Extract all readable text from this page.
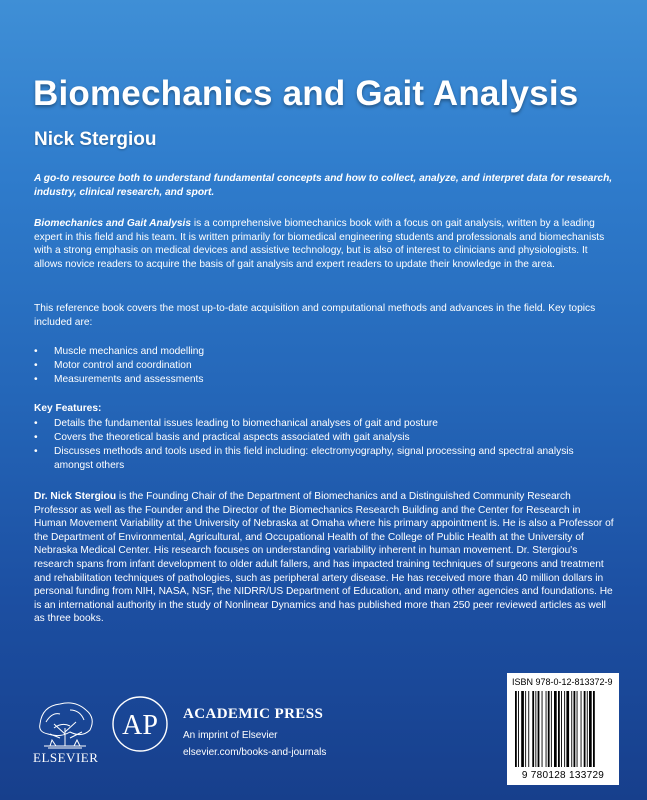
Biomechanics and Gait Analysis
Nick Stergiou

A go-to resource both to understand fundamental concepts and how to collect, analyze, and interpret data for research, industry, clinical research, and sport.

Biomechanics and Gait Analysis is a comprehensive biomechanics book with a focus on gait analysis, written by a leading expert in this field and his team. It is written primarily for biomedical engineering students and professionals and biomechanists with a strong emphasis on medical devices and assistive technology, but is also of interest to clinicians and physiologists. It allows novice readers to acquire the basis of gait analysis and expert readers to update their knowledge in the area.

This reference book covers the most up-to-date acquisition and computational methods and advances in the field. Key topics included are:

• Muscle mechanics and modelling
• Motor control and coordination
• Measurements and assessments
Key Features:
• Details the fundamental issues leading to biomechanical analyses of gait and posture
• Covers the theoretical basis and practical aspects associated with gait analysis
• Discusses methods and tools used in this field including: electromyography, signal processing and spectral analysis amongst others

Dr. Nick Stergiou is the Founding Chair of the Department of Biomechanics and a Distinguished Community Research Professor as well as the Founder and the Director of the Biomechanics Research Building and the Center for Research in Human Movement Variability at the University of Nebraska at Omaha where his primary appointment is. He is also a Professor of the Department of Environmental, Agricultural, and Occupational Health of the College of Public Health at the University of Nebraska Medical Center. His research focuses on understanding variability inherent in human movement. Dr. Stergiou's research spans from infant development to older adult fallers, and has impacted training techniques of surgeons and treatment and rehabilitation techniques of pathologies, such as peripheral artery disease. He has received more than 40 million dollars in personal funding from NIH, NASA, NSF, the NIDRR/US Department of Education, and many other agencies and foundations. He is an international authority in the study of Nonlinear Dynamics and has published more than 250 peer reviewed articles as well as three books.

ELSEVIER
AP ACADEMIC PRESS
An imprint of Elsevier
elsevier.com/books-and-journals
ISBN 978-0-12-813372-9
9 780128 133729
